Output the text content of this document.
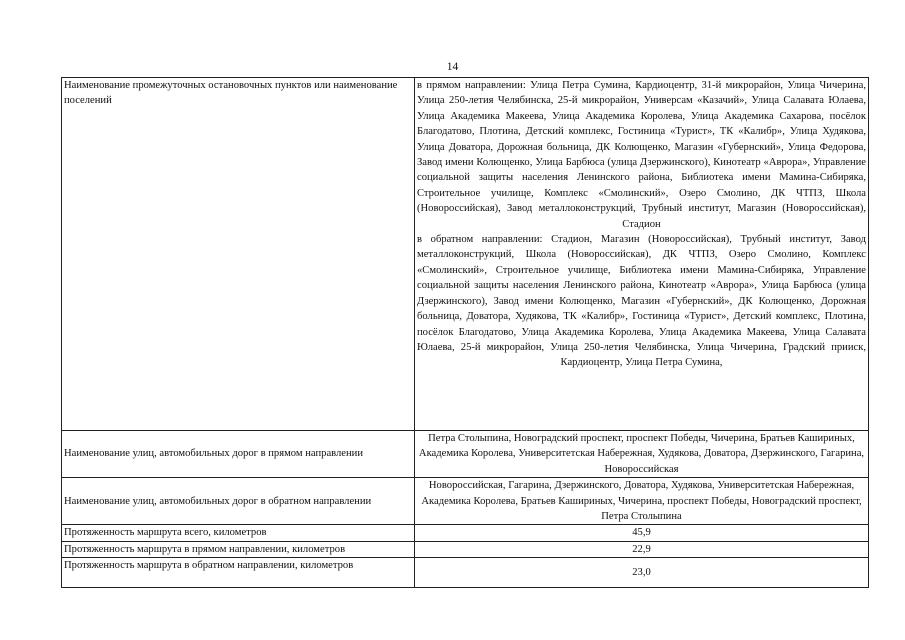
14
Наименование промежуточных остановочных пунктов или наименование поселений	в прямом направлении: Улица Петра Сумина, Кардиоцентр, 31-й микрорайон, Улица Чичерина, Улица 250-летия Челябинска, 25-й микрорайон, Универсам «Казачий», Улица Салавата Юлаева, Улица Академика Макеева, Улица Академика Королева, Улица Академика Сахарова, посёлок Благодатово, Плотина, Детский комплекс, Гостиница «Турист», ТК «Калибр», Улица Худякова, Улица Доватора, Дорожная больница, ДК Колющенко, Магазин «Губернский», Улица Федорова, Завод имени Колющенко, Улица Барбюса (улица Дзержинского), Кинотеатр «Аврора», Управление социальной защиты населения Ленинского района, Библиотека имени Мамина-Сибиряка, Строительное училище, Комплекс «Смолинский», Озеро Смолино, ДК ЧТПЗ, Школа (Новороссийская), Завод металлоконструкций, Трубный институт, Магазин (Новороссийская), Стадион
в обратном направлении: Стадион, Магазин (Новороссийская), Трубный институт, Завод металлоконструкций, Школа (Новороссийская), ДК ЧТПЗ, Озеро Смолино, Комплекс «Смолинский», Строительное училище, Библиотека имени Мамина-Сибиряка, Управление социальной защиты населения Ленинского района, Кинотеатр «Аврора», Улица Барбюса (улица Дзержинского), Завод имени Колющенко, Магазин «Губернский», ДК Колющенко, Дорожная больница, Доватора, Худякова, ТК «Калибр», Гостиница «Турист», Детский комплекс, Плотина, посёлок Благодатово, Улица Академика Королева, Улица Академика Макеева, Улица Салавата Юлаева, 25-й микрорайон, Улица 250-летия Челябинска, Улица Чичерина, Градский прииск, Кардиоцентр, Улица Петра Сумина,

Наименование улиц, автомобильных дорог в прямом направлении	Петра Столыпина, Новоградский проспект, проспект Победы, Чичерина, Братьев Кашириных, Академика Королева, Университетская Набережная, Худякова, Доватора, Дзержинского, Гагарина, Новороссийская
Наименование улиц, автомобильных дорог в обратном направлении	Новороссийская, Гагарина, Дзержинского, Доватора, Худякова, Университетская Набережная, Академика Королева, Братьев Кашириных, Чичерина, проспект Победы, Новоградский проспект, Петра Столыпина
Протяженность маршрута всего, километров	45,9
Протяженность маршрута в прямом направлении, километров	22,9
Протяженность маршрута в обратном направлении, километров	23,0
